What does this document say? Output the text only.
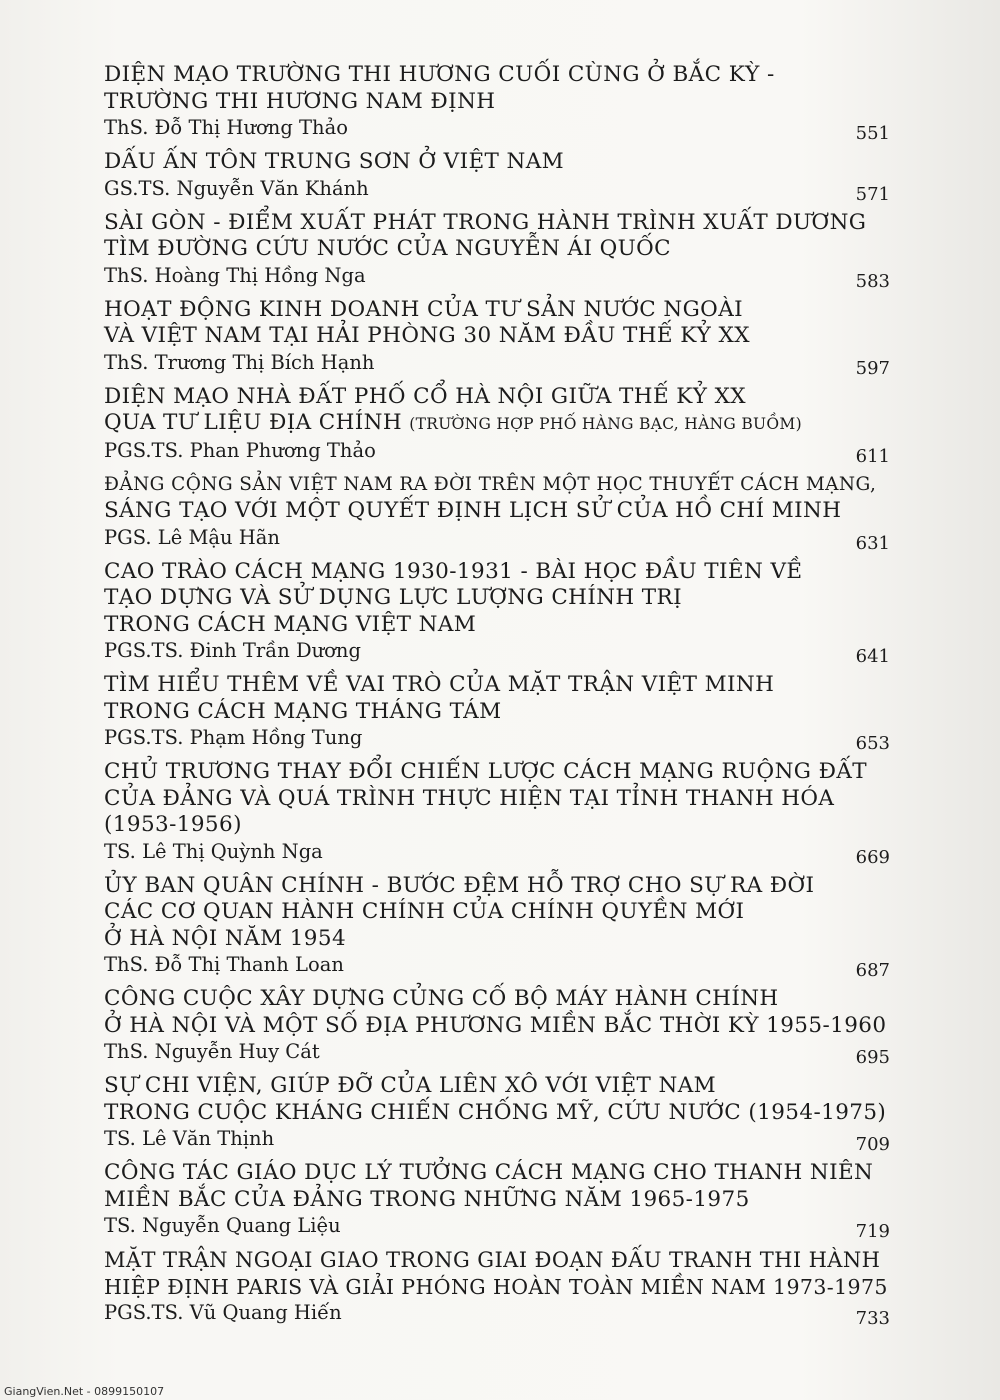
DIỆN MẠO TRƯỜNG THI HƯƠNG CUỐI CÙNG Ở BẮC KỲ -
TRƯỜNG THI HƯƠNG NAM ĐỊNH
ThS. Đỗ Thị Hương Thảo	551
DẤU ẤN TÔN TRUNG SƠN Ở VIỆT NAM
GS.TS. Nguyễn Văn Khánh	571
SÀI GÒN - ĐIỂM XUẤT PHÁT TRONG HÀNH TRÌNH XUẤT DƯƠNG
TÌM ĐƯỜNG CỨU NƯỚC CỦA NGUYỄN ÁI QUỐC
ThS. Hoàng Thị Hồng Nga	583
HOẠT ĐỘNG KINH DOANH CỦA TƯ SẢN NƯỚC NGOÀI
VÀ VIỆT NAM TẠI HẢI PHÒNG 30 NĂM ĐẦU THẾ KỶ XX
ThS. Trương Thị Bích Hạnh	597
DIỆN MẠO NHÀ ĐẤT PHỐ CỔ HÀ NỘI GIỮA THẾ KỶ XX
QUA TƯ LIỆU ĐỊA CHÍNH (TRƯỜNG HỢP PHỐ HÀNG BẠC, HÀNG BUỒM)
PGS.TS. Phan Phương Thảo	611
ĐẢNG CỘNG SẢN VIỆT NAM RA ĐỜI TRÊN MỘT HỌC THUYẾT CÁCH MẠNG,
SÁNG TẠO VỚI MỘT QUYẾT ĐỊNH LỊCH SỬ CỦA HỒ CHÍ MINH
PGS. Lê Mậu Hãn	631
CAO TRÀO CÁCH MẠNG 1930-1931 - BÀI HỌC ĐẦU TIÊN VỀ
TẠO DỰNG VÀ SỬ DỤNG LỰC LƯỢNG CHÍNH TRỊ
TRONG CÁCH MẠNG VIỆT NAM
PGS.TS. Đinh Trần Dương	641
TÌM HIỂU THÊM VỀ VAI TRÒ CỦA MẶT TRẬN VIỆT MINH
TRONG CÁCH MẠNG THÁNG TÁM
PGS.TS. Phạm Hồng Tung	653
CHỦ TRƯƠNG THAY ĐỔI CHIẾN LƯỢC CÁCH MẠNG RUỘNG ĐẤT
CỦA ĐẢNG VÀ QUÁ TRÌNH THỰC HIỆN TẠI TỈNH THANH HÓA
(1953-1956)
TS. Lê Thị Quỳnh Nga	669
ỦY BAN QUÂN CHÍNH - BƯỚC ĐỆM HỖ TRỢ CHO SỰ RA ĐỜI
CÁC CƠ QUAN HÀNH CHÍNH CỦA CHÍNH QUYỀN MỚI
Ở HÀ NỘI NĂM 1954
ThS. Đỗ Thị Thanh Loan	687
CÔNG CUỘC XÂY DỰNG CỦNG CỐ BỘ MÁY HÀNH CHÍNH
Ở HÀ NỘI VÀ MỘT SỐ ĐỊA PHƯƠNG MIỀN BẮC THỜI KỲ 1955-1960
ThS. Nguyễn Huy Cát	695
SỰ CHI VIỆN, GIÚP ĐỠ CỦA LIÊN XÔ VỚI VIỆT NAM
TRONG CUỘC KHÁNG CHIẾN CHỐNG MỸ, CỨU NƯỚC (1954-1975)
TS. Lê Văn Thịnh	709
CÔNG TÁC GIÁO DỤC LÝ TƯỞNG CÁCH MẠNG CHO THANH NIÊN
MIỀN BẮC CỦA ĐẢNG TRONG NHỮNG NĂM 1965-1975
TS. Nguyễn Quang Liệu	719
MẶT TRẬN NGOẠI GIAO TRONG GIAI ĐOẠN ĐẤU TRANH THI HÀNH
HIỆP ĐỊNH PARIS VÀ GIẢI PHÓNG HOÀN TOÀN MIỀN NAM 1973-1975
PGS.TS. Vũ Quang Hiến	733
GiangVien.Net - 0899150107
